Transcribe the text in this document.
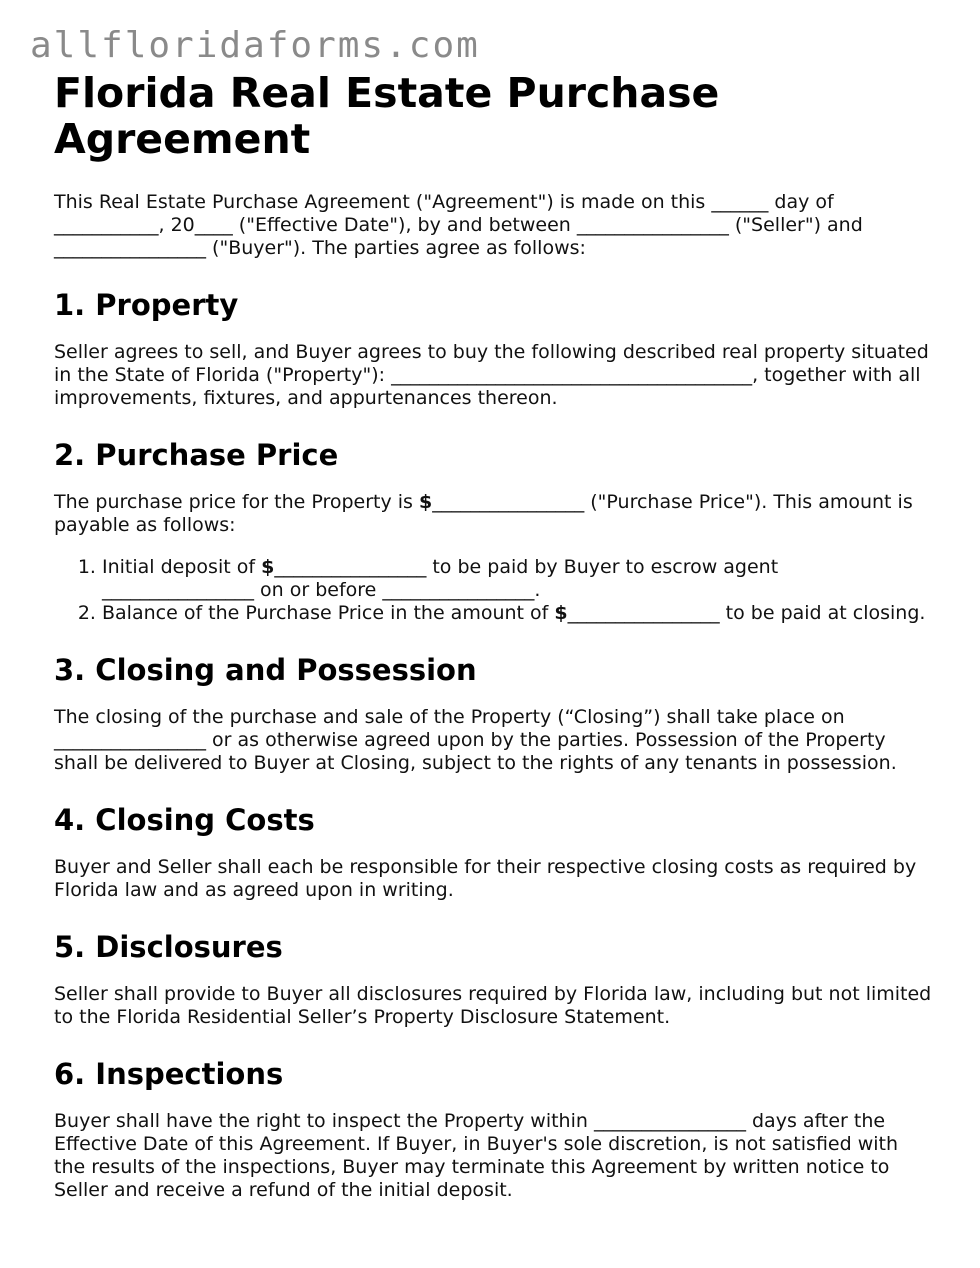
allfloridaforms.com
Florida Real Estate Purchase Agreement

This Real Estate Purchase Agreement ("Agreement") is made on this ______ day of ___________, 20____ ("Effective Date"), by and between ________________ ("Seller") and ________________ ("Buyer"). The parties agree as follows:

1. Property

Seller agrees to sell, and Buyer agrees to buy the following described real property situated in the State of Florida ("Property"): ______________________________________, together with all improvements, fixtures, and appurtenances thereon.

2. Purchase Price

The purchase price for the Property is $________________ ("Purchase Price"). This amount is payable as follows:

1. Initial deposit of $________________ to be paid by Buyer to escrow agent ________________ on or before ________________.
2. Balance of the Purchase Price in the amount of $________________ to be paid at closing.
3. Closing and Possession

The closing of the purchase and sale of the Property (“Closing”) shall take place on ________________ or as otherwise agreed upon by the parties. Possession of the Property shall be delivered to Buyer at Closing, subject to the rights of any tenants in possession.

4. Closing Costs

Buyer and Seller shall each be responsible for their respective closing costs as required by Florida law and as agreed upon in writing.

5. Disclosures

Seller shall provide to Buyer all disclosures required by Florida law, including but not limited to the Florida Residential Seller’s Property Disclosure Statement.

6. Inspections

Buyer shall have the right to inspect the Property within ________________ days after the Effective Date of this Agreement. If Buyer, in Buyer's sole discretion, is not satisfied with the results of the inspections, Buyer may terminate this Agreement by written notice to Seller and receive a refund of the initial deposit.
